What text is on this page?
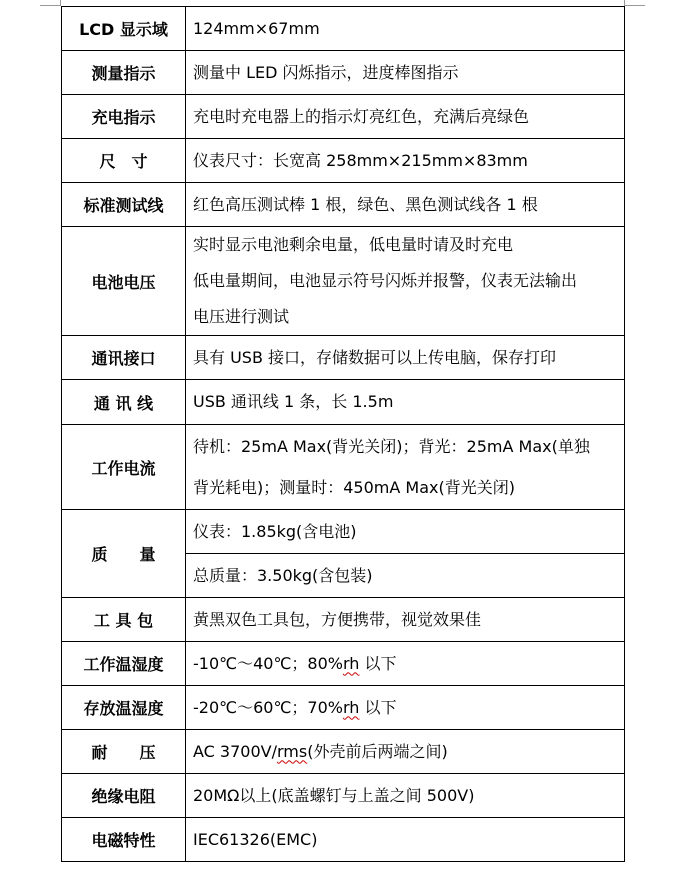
LCD 显示域	124mm×67mm
测量指示	测量中 LED 闪烁指示，进度棒图指示
充电指示	充电时充电器上的指示灯亮红色，充满后亮绿色
尺　寸	仪表尺寸：长宽高 258mm×215mm×83mm
标准测试线	红色高压测试棒 1 根，绿色、黑色测试线各 1 根
电池电压	实时显示电池剩余电量，低电量时请及时充电
低电量期间，电池显示符号闪烁并报警，仪表无法输出
电压进行测试

通讯接口	具有 USB 接口，存储数据可以上传电脑，保存打印
通 讯 线	USB 通讯线 1 条，长 1.5m
工作电流	待机：25mA Max(背光关闭)；背光：25mA Max(单独
背光耗电)；测量时：450mA Max(背光关闭)

质　　量	仪表：1.85kg(含电池)
	总质量：3.50kg(含包装)
工 具 包	黄黑双色工具包，方便携带，视觉效果佳
工作温湿度	-10℃～40℃；80%rh 以下
存放温湿度	-20℃～60℃；70%rh 以下
耐　　压	AC 3700V/rms(外壳前后两端之间)
绝缘电阻	20MΩ以上(底盖螺钉与上盖之间 500V)
电磁特性	IEC61326(EMC)
